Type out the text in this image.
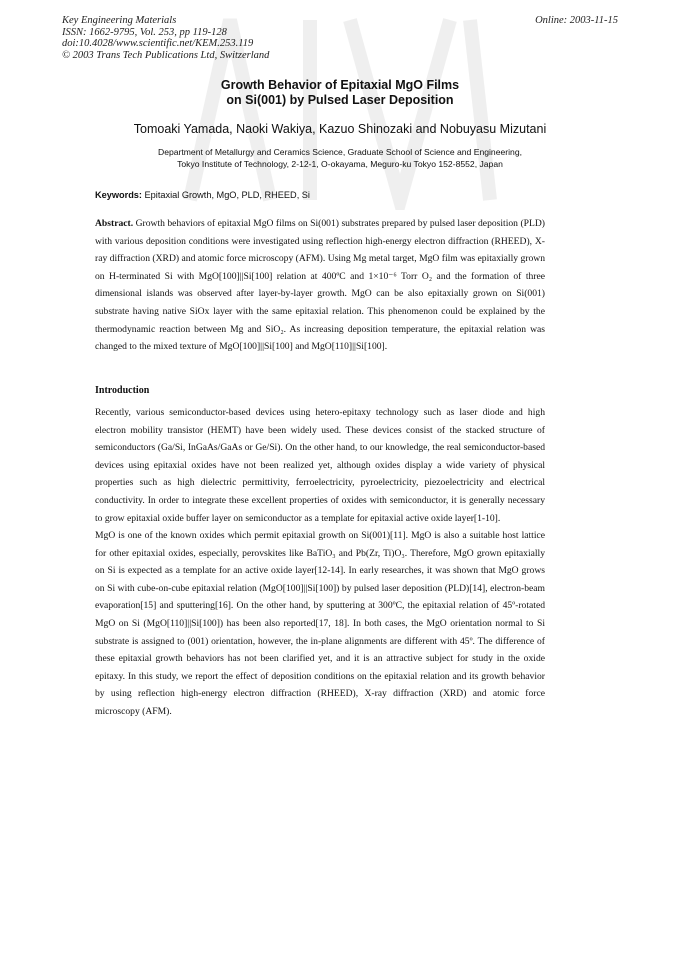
Key Engineering Materials
ISSN: 1662-9795, Vol. 253, pp 119-128
doi:10.4028/www.scientific.net/KEM.253.119
© 2003 Trans Tech Publications Ltd, Switzerland
Online: 2003-11-15
Growth Behavior of Epitaxial MgO Films
on Si(001) by Pulsed Laser Deposition
Tomoaki Yamada, Naoki Wakiya, Kazuo Shinozaki and Nobuyasu Mizutani
Department of Metallurgy and Ceramics Science, Graduate School of Science and Engineering,
Tokyo Institute of Technology, 2-12-1, O-okayama, Meguro-ku Tokyo 152-8552, Japan
Keywords: Epitaxial Growth, MgO, PLD, RHEED, Si

Abstract. Growth behaviors of epitaxial MgO films on Si(001) substrates prepared by pulsed laser deposition (PLD) with various deposition conditions were investigated using reflection high-energy electron diffraction (RHEED), X-ray diffraction (XRD) and atomic force microscopy (AFM). Using Mg metal target, MgO film was epitaxially grown on H-terminated Si with MgO[100]||Si[100] relation at 400ºC and 1×10⁻⁶ Torr O₂ and the formation of three dimensional islands was observed after layer-by-layer growth. MgO can be also epitaxially grown on Si(001) substrate having native SiOx layer with the same epitaxial relation. This phenomenon could be explained by the thermodynamic reaction between Mg and SiO₂. As increasing deposition temperature, the epitaxial relation was changed to the mixed texture of MgO[100]||Si[100] and MgO[110]||Si[100].

Introduction

Recently, various semiconductor-based devices using hetero-epitaxy technology such as laser diode and high electron mobility transistor (HEMT) have been widely used. These devices consist of the stacked structure of semiconductors (Ga/Si, InGaAs/GaAs or Ge/Si). On the other hand, to our knowledge, the real semiconductor-based devices using epitaxial oxides have not been realized yet, although oxides display a wide variety of physical properties such as high dielectric permittivity, ferroelectricity, pyroelectricity, piezoelectricity and electrical conductivity. In order to integrate these excellent properties of oxides with semiconductor, it is generally necessary to grow epitaxial oxide buffer layer on semiconductor as a template for epitaxial active oxide layer[1-10].

MgO is one of the known oxides which permit epitaxial growth on Si(001)[11]. MgO is also a suitable host lattice for other epitaxial oxides, especially, perovskites like BaTiO₃ and Pb(Zr, Ti)O₃. Therefore, MgO grown epitaxially on Si is expected as a template for an active oxide layer[12-14]. In early researches, it was shown that MgO grows on Si with cube-on-cube epitaxial relation (MgO[100]||Si[100]) by pulsed laser deposition (PLD)[14], electron-beam evaporation[15] and sputtering[16]. On the other hand, by sputtering at 300ºC, the epitaxial relation of 45º-rotated MgO on Si (MgO[110]||Si[100]) has been also reported[17, 18]. In both cases, the MgO orientation normal to Si substrate is assigned to (001) orientation, however, the in-plane alignments are different with 45º. The difference of these epitaxial growth behaviors has not been clarified yet, and it is an attractive subject for study in the oxide epitaxy. In this study, we report the effect of deposition conditions on the epitaxial relation and its growth behavior by using reflection high-energy electron diffraction (RHEED), X-ray diffraction (XRD) and atomic force microscopy (AFM).
